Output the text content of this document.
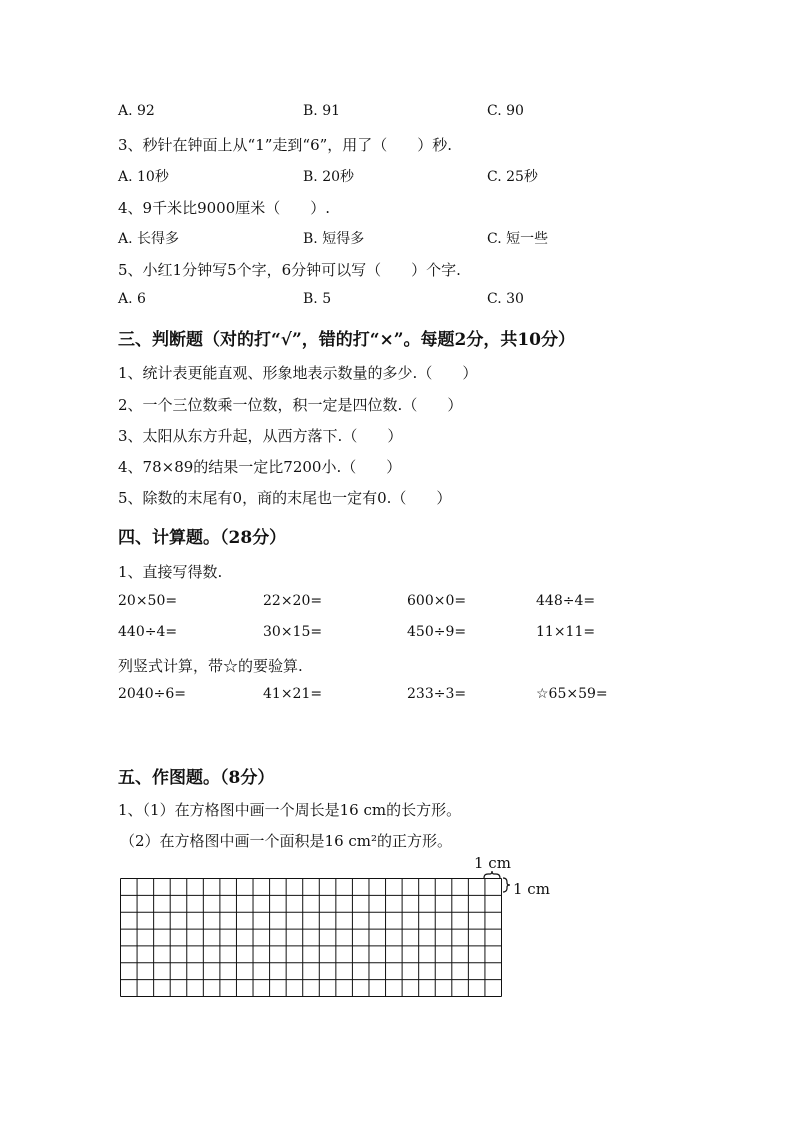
A. 92	B. 91	C. 90
3、秒针在钟面上从“1”走到“6”，用了（　　）秒.
A. 10秒	B. 20秒	C. 25秒
4、9千米比9000厘米（　　）.
A. 长得多	B. 短得多	C. 短一些
5、小红1分钟写5个字，6分钟可以写（　　）个字.
A. 6	B. 5	C. 30
三、判断题（对的打“√”，错的打“×”。每题2分，共10分）
1、统计表更能直观、形象地表示数量的多少.（　　）
2、一个三位数乘一位数，积一定是四位数.（　　）
3、太阳从东方升起，从西方落下.（　　）
4、78×89的结果一定比7200小.（　　）
5、除数的末尾有0，商的末尾也一定有0.（　　）
四、计算题。（28分）
1、直接写得数.
20×50=	22×20=	600×0=	448÷4=
440÷4=	30×15=	450÷9=	11×11=
列竖式计算，带☆的要验算.
2040÷6=	41×21=	233÷3=	☆65×59=
五、作图题。（8分）
1、（1）在方格图中画一个周长是16 cm的长方形。
（2）在方格图中画一个面积是16 cm²的正方形。
1 cm
1 cm
